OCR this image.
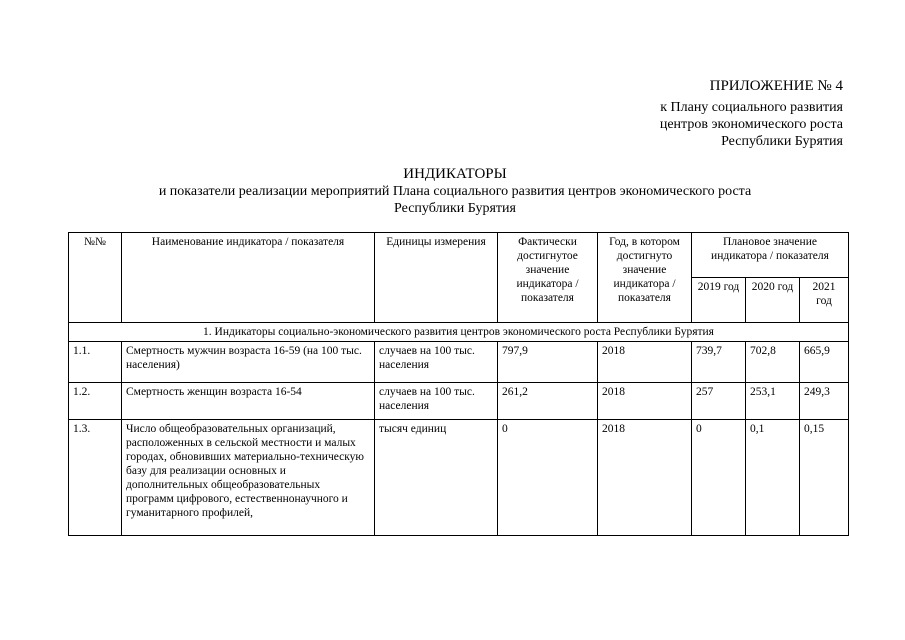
ПРИЛОЖЕНИЕ № 4
к Плану социального развития
центров экономического роста
Республики Бурятия
ИНДИКАТОРЫ
и показатели реализации мероприятий Плана социального развития центров экономического роста
Республики Бурятия
№№	Наименование индикатора / показателя	Единицы измерения	Фактически достигнутое значение индикатора / показателя	Год, в котором достигнуто значение индикатора / показателя	Плановое значение индикатора / показателя		
					2019 год	2020 год	2021 год
1. Индикаторы социально-экономического развития центров экономического роста Республики Бурятия							
1.1.	Смертность мужчин возраста 16-59 (на 100 тыс. населения)	случаев на 100 тыс. населения	797,9	2018	739,7	702,8	665,9
1.2.	Смертность женщин возраста 16-54	случаев на 100 тыс. населения	261,2	2018	257	253,1	249,3
1.3.	Число общеобразовательных организаций, расположенных в сельской местности и малых городах, обновивших материально-техническую базу для реализации основных и дополнительных общеобразовательных программ цифрового, естественнонаучного и гуманитарного профилей,	тысяч единиц	0	2018	0	0,1	0,15
